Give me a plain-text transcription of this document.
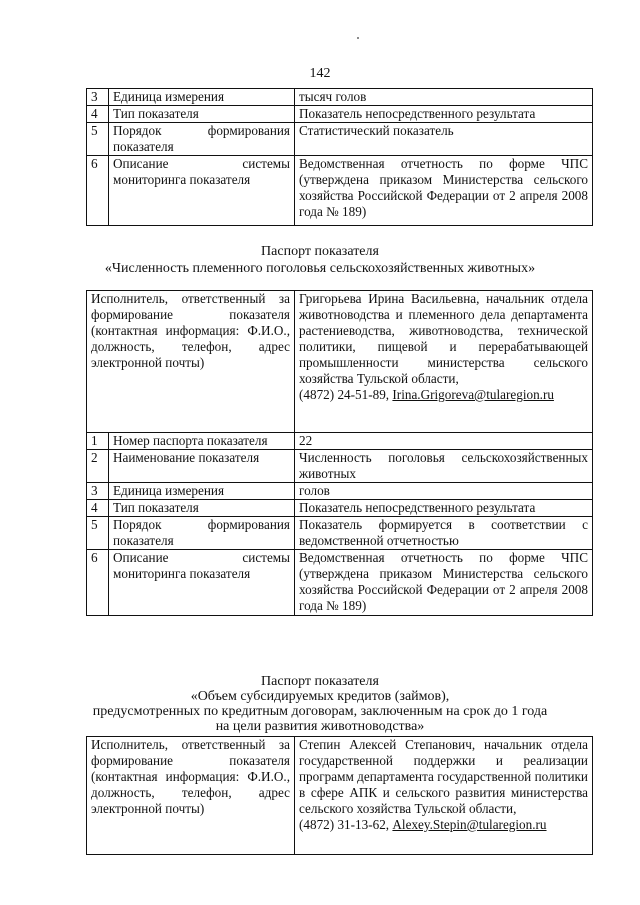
142
3	Единица измерения	тысяч голов
4	Тип показателя	Показатель непосредственного результата
5	Порядок формирования показателя	Статистический показатель
6	Описание системы мониторинга показателя	Ведомственная отчетность по форме ЧПС (утверждена приказом Министерства сельского хозяйства Российской Федерации от 2 апреля 2008 года № 189)
Паспорт показателя
«Численность племенного поголовья сельскохозяйственных животных»
Исполнитель, ответственный за формирование показателя (контактная информация: Ф.И.О., должность, телефон, адрес электронной почты)		Григорьева Ирина Васильевна, начальник отдела животноводства и племенного дела департамента растениеводства, животноводства, технической политики, пищевой и перерабатывающей промышленности министерства сельского хозяйства Тульской области,
(4872) 24-51-89, Irina.Grigoreva@tularegion.ru
1	Номер паспорта показателя	22
2	Наименование показателя	Численность поголовья сельскохозяйственных животных
3	Единица измерения	голов
4	Тип показателя	Показатель непосредственного результата
5	Порядок формирования показателя	Показатель формируется в соответствии с ведомственной отчетностью
6	Описание системы мониторинга показателя	Ведомственная отчетность по форме ЧПС (утверждена приказом Министерства сельского хозяйства Российской Федерации от 2 апреля 2008 года № 189)
Паспорт показателя
«Объем субсидируемых кредитов (займов),
предусмотренных по кредитным договорам, заключенным на срок до 1 года
на цели развития животноводства»
Исполнитель, ответственный за формирование показателя (контактная информация: Ф.И.О., должность, телефон, адрес электронной почты)	Степин Алексей Степанович, начальник отдела государственной поддержки и реализации программ департамента государственной политики в сфере АПК и сельского развития министерства сельского хозяйства Тульской области,
(4872) 31-13-62, Alexey.Stepin@tularegion.ru
